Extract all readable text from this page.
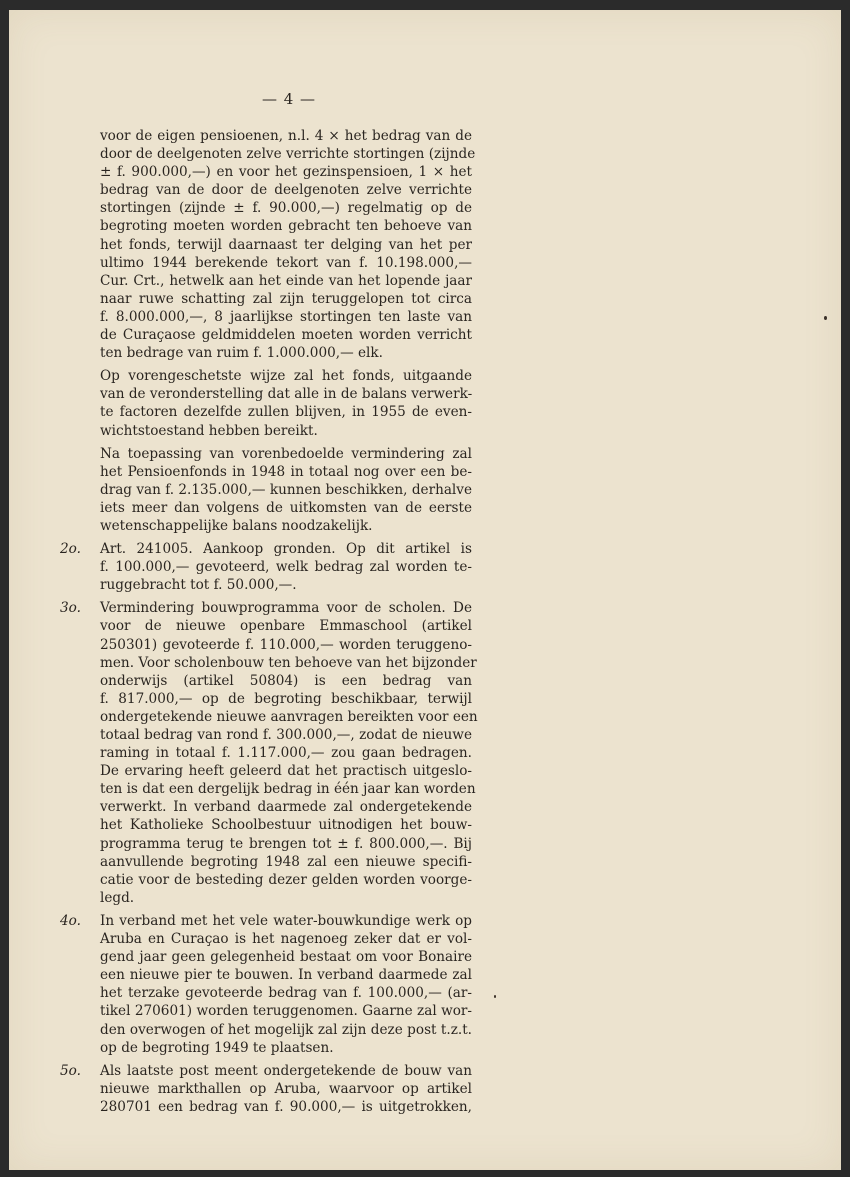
— 4 —
voor de eigen pensioenen, n.l. 4 × het bedrag van de
door de deelgenoten zelve verrichte stortingen (zijnde
± f. 900.000,—) en voor het gezinspensioen, 1 × het
bedrag van de door de deelgenoten zelve verrichte
stortingen (zijnde ± f. 90.000,—) regelmatig op de
begroting moeten worden gebracht ten behoeve van
het fonds, terwijl daarnaast ter delging van het per
ultimo 1944 berekende tekort van f. 10.198.000,—
Cur. Crt., hetwelk aan het einde van het lopende jaar
naar ruwe schatting zal zijn teruggelopen tot circa
f. 8.000.000,—, 8 jaarlijkse stortingen ten laste van
de Curaçaose geldmiddelen moeten worden verricht
ten bedrage van ruim f. 1.000.000,— elk.
Op vorengeschetste wijze zal het fonds, uitgaande
van de veronderstelling dat alle in de balans verwerk-
te factoren dezelfde zullen blijven, in 1955 de even-
wichtstoestand hebben bereikt.
Na toepassing van vorenbedoelde vermindering zal
het Pensioenfonds in 1948 in totaal nog over een be-
drag van f. 2.135.000,— kunnen beschikken, derhalve
iets meer dan volgens de uitkomsten van de eerste
wetenschappelijke balans noodzakelijk.
2o. Art. 241005. Aankoop gronden. Op dit artikel is
f. 100.000,— gevoteerd, welk bedrag zal worden te-
ruggebracht tot f. 50.000,—.
3o. Vermindering bouwprogramma voor de scholen. De
voor de nieuwe openbare Emmaschool (artikel
250301) gevoteerde f. 110.000,— worden teruggeno-
men. Voor scholenbouw ten behoeve van het bijzonder
onderwijs (artikel 50804) is een bedrag van
f. 817.000,— op de begroting beschikbaar, terwijl
ondergetekende nieuwe aanvragen bereikten voor een
totaal bedrag van rond f. 300.000,—, zodat de nieuwe
raming in totaal f. 1.117.000,— zou gaan bedragen.
De ervaring heeft geleerd dat het practisch uitgeslo-
ten is dat een dergelijk bedrag in één jaar kan worden
verwerkt. In verband daarmede zal ondergetekende
het Katholieke Schoolbestuur uitnodigen het bouw-
programma terug te brengen tot ± f. 800.000,—. Bij
aanvullende begroting 1948 zal een nieuwe specifi-
catie voor de besteding dezer gelden worden voorge-
legd.
4o. In verband met het vele water-bouwkundige werk op
Aruba en Curaçao is het nagenoeg zeker dat er vol-
gend jaar geen gelegenheid bestaat om voor Bonaire
een nieuwe pier te bouwen. In verband daarmede zal
het terzake gevoteerde bedrag van f. 100.000,— (ar-
tikel 270601) worden teruggenomen. Gaarne zal wor-
den overwogen of het mogelijk zal zijn deze post t.z.t.
op de begroting 1949 te plaatsen.
5o. Als laatste post meent ondergetekende de bouw van
nieuwe markthallen op Aruba, waarvoor op artikel
280701 een bedrag van f. 90.000,— is uitgetrokken,
